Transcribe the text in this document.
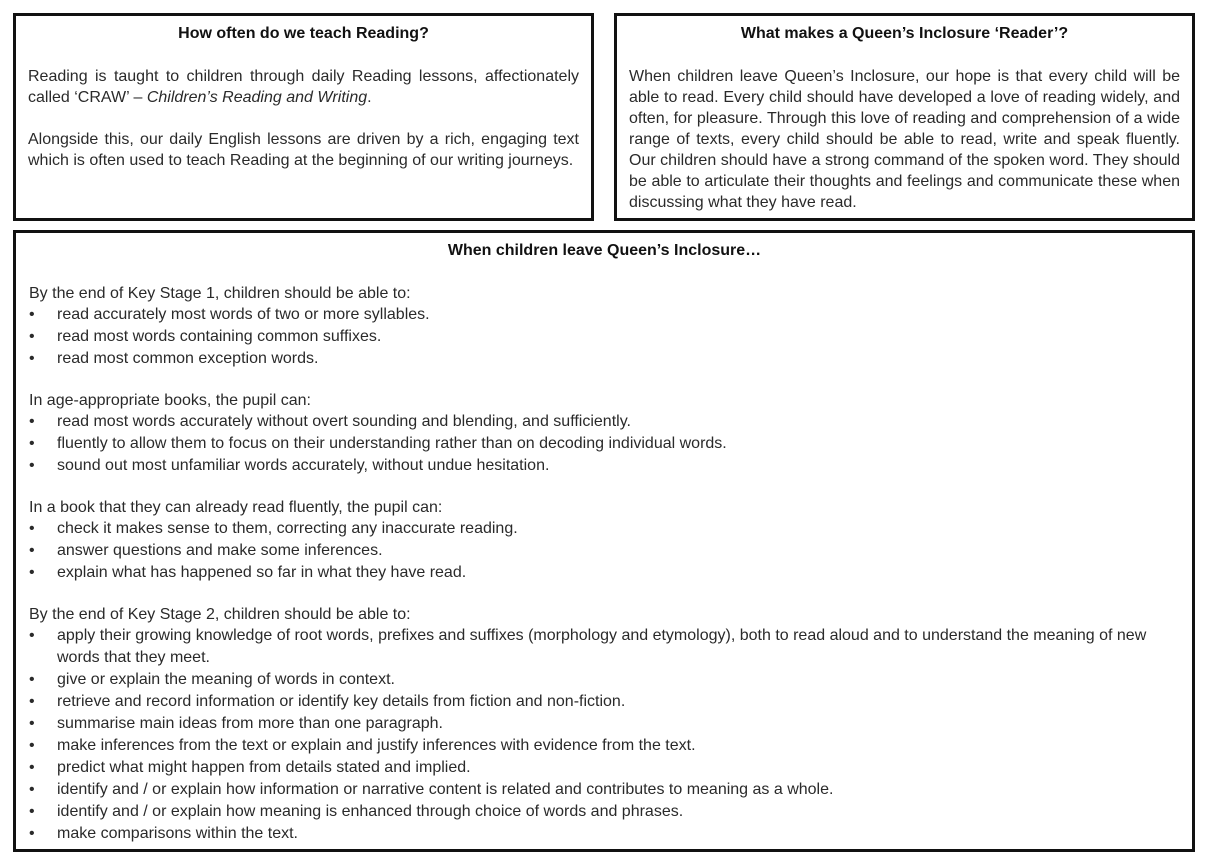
How often do we teach Reading?

Reading is taught to children through daily Reading lessons, affectionately called ‘CRAW’ – Children’s Reading and Writing.

Alongside this, our daily English lessons are driven by a rich, engaging text which is often used to teach Reading at the beginning of our writing journeys.

What makes a Queen’s Inclosure ‘Reader’?

When children leave Queen’s Inclosure, our hope is that every child will be able to read. Every child should have developed a love of reading widely, and often, for pleasure. Through this love of reading and comprehension of a wide range of texts, every child should be able to read, write and speak fluently. Our children should have a strong command of the spoken word. They should be able to articulate their thoughts and feelings and communicate these when discussing what they have read.

When children leave Queen’s Inclosure…

By the end of Key Stage 1, children should be able to:

•	read accurately most words of two or more syllables.
•	read most words containing common suffixes.
•	read most common exception words.

In age-appropriate books, the pupil can:

•	read most words accurately without overt sounding and blending, and sufficiently.
•	fluently to allow them to focus on their understanding rather than on decoding individual words.
•	sound out most unfamiliar words accurately, without undue hesitation.

In a book that they can already read fluently, the pupil can:

•	check it makes sense to them, correcting any inaccurate reading.
•	answer questions and make some inferences.
•	explain what has happened so far in what they have read.

By the end of Key Stage 2, children should be able to:

•	apply their growing knowledge of root words, prefixes and suffixes (morphology and etymology), both to read aloud and to understand the meaning of new words that they meet.
•	give or explain the meaning of words in context.
•	retrieve and record information or identify key details from fiction and non-fiction.
•	summarise main ideas from more than one paragraph.
•	make inferences from the text or explain and justify inferences with evidence from the text.
•	predict what might happen from details stated and implied.
•	identify and / or explain how information or narrative content is related and contributes to meaning as a whole.
•	identify and / or explain how meaning is enhanced through choice of words and phrases.
•	make comparisons within the text.
